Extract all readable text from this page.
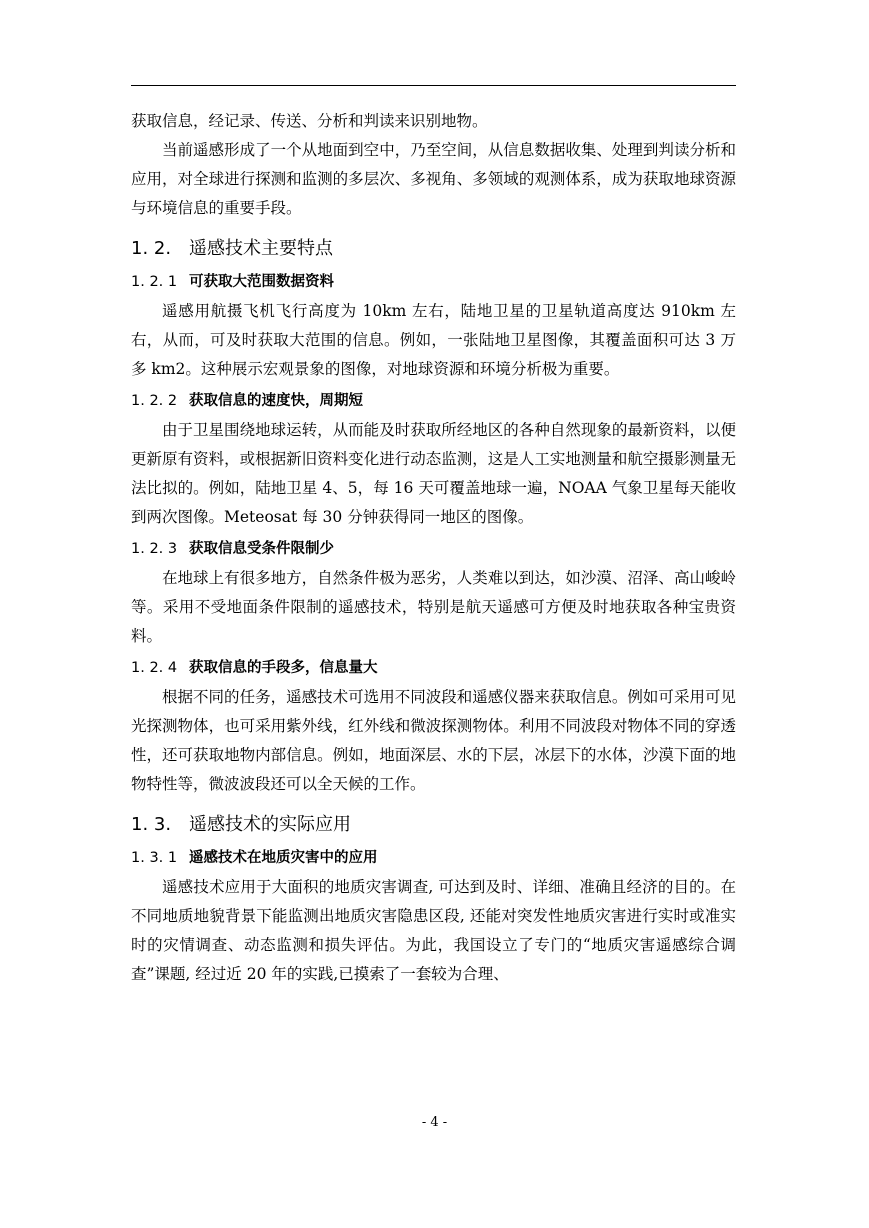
获取信息，经记录、传送、分析和判读来识别地物。

当前遥感形成了一个从地面到空中，乃至空间，从信息数据收集、处理到判读分析和应用，对全球进行探测和监测的多层次、多视角、多领域的观测体系，成为获取地球资源与环境信息的重要手段。

1. 2. 遥感技术主要特点
1. 2. 1 可获取大范围数据资料

遥感用航摄飞机飞行高度为 10km 左右，陆地卫星的卫星轨道高度达 910km 左右，从而，可及时获取大范围的信息。例如，一张陆地卫星图像，其覆盖面积可达 3 万多 km2。这种展示宏观景象的图像，对地球资源和环境分析极为重要。

1. 2. 2 获取信息的速度快，周期短

由于卫星围绕地球运转，从而能及时获取所经地区的各种自然现象的最新资料，以便更新原有资料，或根据新旧资料变化进行动态监测，这是人工实地测量和航空摄影测量无法比拟的。例如，陆地卫星 4、5，每 16 天可覆盖地球一遍，NOAA 气象卫星每天能收到两次图像。Meteosat 每 30 分钟获得同一地区的图像。

1. 2. 3 获取信息受条件限制少

在地球上有很多地方，自然条件极为恶劣，人类难以到达，如沙漠、沼泽、高山峻岭等。采用不受地面条件限制的遥感技术，特别是航天遥感可方便及时地获取各种宝贵资料。

1. 2. 4 获取信息的手段多，信息量大

根据不同的任务，遥感技术可选用不同波段和遥感仪器来获取信息。例如可采用可见光探测物体，也可采用紫外线，红外线和微波探测物体。利用不同波段对物体不同的穿透性，还可获取地物内部信息。例如，地面深层、水的下层，冰层下的水体，沙漠下面的地物特性等，微波波段还可以全天候的工作。

1. 3. 遥感技术的实际应用
1. 3. 1 遥感技术在地质灾害中的应用

遥感技术应用于大面积的地质灾害调查, 可达到及时、详细、准确且经济的目的。在不同地质地貌背景下能监测出地质灾害隐患区段, 还能对突发性地质灾害进行实时或准实时的灾情调查、动态监测和损失评估。为此，我国设立了专门的“地质灾害遥感综合调查”课题, 经过近 20 年的实践,已摸索了一套较为合理、

- 4 -
